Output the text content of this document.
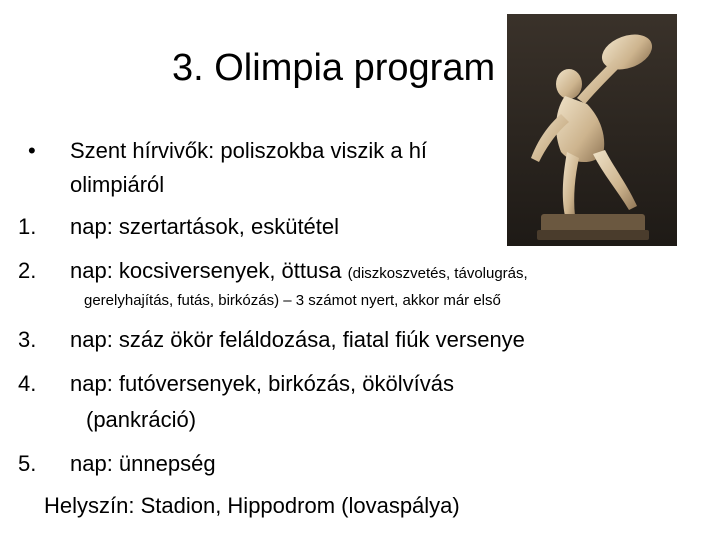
3. Olimpia program
• Szent hírvivők: poliszokba viszik a hí
olimpiáról
1. nap: szertartások, eskütétel
2. nap: kocsiversenyek, öttusa (diszkoszvetés, távolugrás,
gerelyhajítás, futás, birkózás) – 3 számot nyert, akkor már első
3. nap: száz ökör feláldozása, fiatal fiúk versenye
4. nap: futóversenyek, birkózás, ökölvívás
(pankráció)
5. nap: ünnepség
Helyszín: Stadion, Hippodrom (lovaspálya)
